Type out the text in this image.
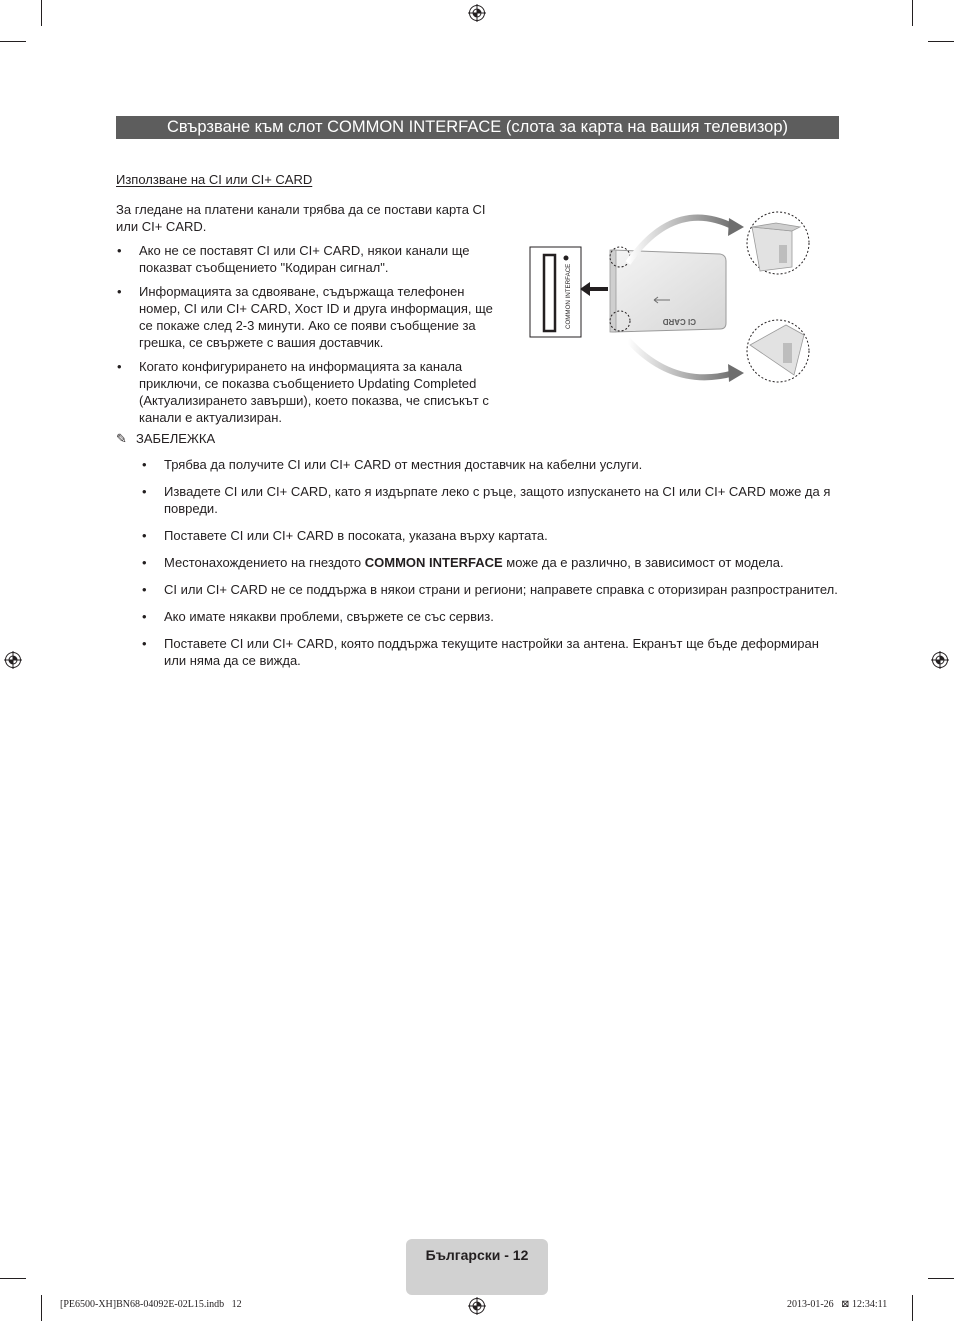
Свързване към слот COMMON INTERFACE (слота за карта на вашия телевизор)
Използване на CI или CI+ CARD
За гледане на платени канали трябва да се постави карта CI или CI+ CARD.
• Ако не се поставят CI или CI+ CARD, някои канали ще показват съобщението "Кодиран сигнал".
• Информацията за сдвояване, съдържаща телефонен номер, CI или CI+ CARD, Хост ID и друга информация, ще се покаже след 2-3 минути. Ако се появи съобщение за грешка, се свържете с вашия доставчик.
• Когато конфигурирането на информацията за канала приключи, се показва съобщението Updating Completed (Актуализирането завърши), което показва, че списъкът с канали е актуализиран.
COMMON INTERFACE	CI CARD
✎ ЗАБЕЛЕЖКА
• Трябва да получите CI или CI+ CARD от местния доставчик на кабелни услуги.
• Извадете CI или CI+ CARD, като я издърпате леко с ръце, защото изпускането на CI или CI+ CARD може да я повреди.
• Поставете CI или CI+ CARD в посоката, указана върху картата.
• Местонахождението на гнездото COMMON INTERFACE може да е различно, в зависимост от модела.
• CI или CI+ CARD не се поддържа в някои страни и региони; направете справка с оторизиран разпространител.
• Ако имате някакви проблеми, свържете се със сервиз.
• Поставете CI или CI+ CARD, която поддържа текущите настройки за антена. Екранът ще бъде деформиран или няма да се вижда.
Български - 12
[PE6500-XH]BN68-04092E-02L15.indb   12	2013-01-26   ⊠ 12:34:11
